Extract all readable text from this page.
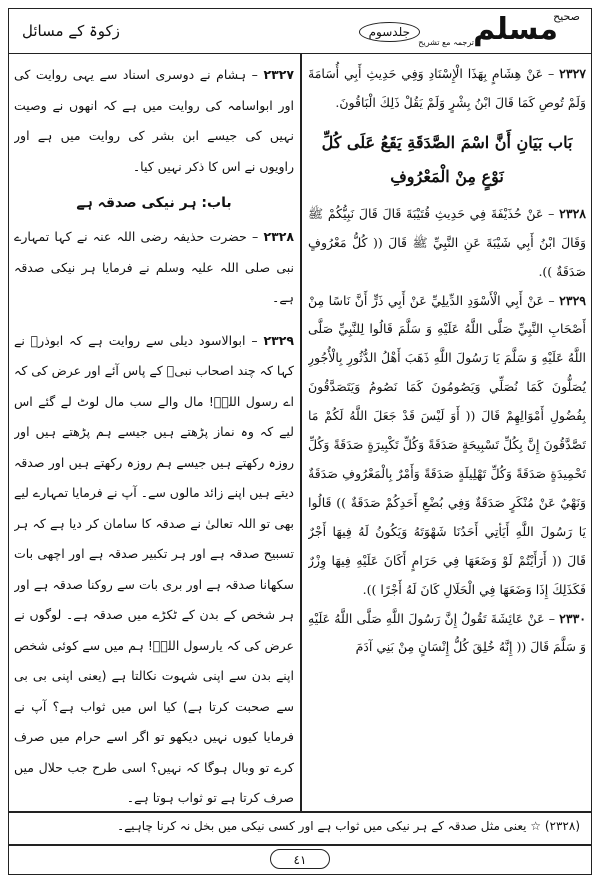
صحیح
مسلم
جلدسوم
ترجمہ مع تشریح
زکوۃ کے مسائل

٢٣٢٧ – عَنْ هِشَامٍ بِهَذَا الْإِسْنَادِ وَفِي حَدِيثِ أَبِي أُسَامَةَ وَلَمْ تُوصِ كَمَا قَالَ ابْنُ بِشْرٍ وَلَمْ يَقُلْ ذَلِكَ الْبَاقُونَ.

بَاب بَيَانِ أَنَّ اسْمَ الصَّدَقَةِ يَقَعُ عَلَى كُلِّ نَوْعٍ مِنْ الْمَعْرُوفِ

٢٣٢٨ – عَنْ حُذَيْفَةَ فِي حَدِيثِ قُتَيْبَةَ قَالَ قَالَ نَبِيُّكُمْ ﷺ وَقَالَ ابْنُ أَبِي شَيْبَةَ عَنِ النَّبِيِّ ﷺ قَالَ (( كُلُّ مَعْرُوفٍ صَدَقَةٌ )).

٢٣٢٩ – عَنْ أَبِي الْأَسْوَدِ الدِّيلِيِّ عَنْ أَبِي ذَرٍّ أَنَّ نَاسًا مِنْ أَصْحَابِ النَّبِيِّ صَلَّى اللَّهُ عَلَيْهِ وَ سَلَّمَ قَالُوا لِلنَّبِيِّ صَلَّى اللَّهُ عَلَيْهِ وَ سَلَّمَ يَا رَسُولَ اللَّهِ ذَهَبَ أَهْلُ الدُّثُورِ بِالْأُجُورِ يُصَلُّونَ كَمَا نُصَلِّي وَيَصُومُونَ كَمَا نَصُومُ وَيَتَصَدَّقُونَ بِفُضُولِ أَمْوَالِهِمْ قَالَ (( أَوَ لَيْسَ قَدْ جَعَلَ اللَّهُ لَكُمْ مَا تَصَّدَّقُونَ إِنَّ بِكُلِّ تَسْبِيحَةٍ صَدَقَةً وَكُلِّ تَكْبِيرَةٍ صَدَقَةً وَكُلِّ تَحْمِيدَةٍ صَدَقَةً وَكُلِّ تَهْلِيلَةٍ صَدَقَةً وَأَمْرٌ بِالْمَعْرُوفِ صَدَقَةٌ وَنَهْيٌ عَنْ مُنْكَرٍ صَدَقَةٌ وَفِي بُضْعِ أَحَدِكُمْ صَدَقَةٌ )) قَالُوا يَا رَسُولَ اللَّهِ أَيَأتِي أَحَدُنَا شَهْوَتَهُ وَيَكُونُ لَهُ فِيهَا أَجْرٌ قَالَ (( أَرَأَيْتُمْ لَوْ وَضَعَهَا فِي حَرَامٍ أَكَانَ عَلَيْهِ فِيهَا وِزْرٌ فَكَذَلِكَ إِذَا وَضَعَهَا فِي الْحَلَالِ كَانَ لَهُ أَجْرًا )).

٢٣٣٠ – عَنْ عَائِشَةَ تَقُولُ إِنَّ رَسُولَ اللَّهِ صَلَّى اللَّهُ عَلَيْهِ وَ سَلَّمَ قَالَ (( إِنَّهُ خُلِقَ كُلُّ إِنْسَانٍ مِنْ بَنِي آدَمَ

٢٣٢٧ – ہشام نے دوسری اسناد سے یہی روایت کی اور ابواسامہ کی روایت میں ہے کہ انھوں نے وصیت نہیں کی جیسے ابن بشر کی روایت میں ہے اور راویوں نے اس کا ذکر نہیں کیا۔

باب: ہر نیکی صدقہ ہے

٢٣٢٨ – حضرت حذیفہ رضی اللہ عنہ نے کہا تمہارے نبی صلی اللہ علیہ وسلم نے فرمایا ہر نیکی صدقہ ہے۔

٢٣٢٩ – ابوالاسود دیلی سے روایت ہے کہ ابوذرؓ نے کہا کہ چند اصحاب نبیؐ کے پاس آئے اور عرض کی کہ اے رسول اللہؐ! مال والے سب مال لوٹ لے گئے اس لیے کہ وہ نماز پڑھتے ہیں جیسے ہم پڑھتے ہیں اور روزہ رکھتے ہیں جیسے ہم روزہ رکھتے ہیں اور صدقہ دیتے ہیں اپنے زائد مالوں سے۔ آپ نے فرمایا تمہارے لیے بھی تو اللہ تعالیٰ نے صدقہ کا سامان کر دیا ہے کہ ہر تسبیح صدقہ ہے اور ہر تکبیر صدقہ ہے اور اچھی بات سکھانا صدقہ ہے اور بری بات سے روکنا صدقہ ہے اور ہر شخص کے بدن کے ٹکڑے میں صدقہ ہے۔ لوگوں نے عرض کی کہ یارسول اللہؐ! ہم میں سے کوئی شخص اپنے بدن سے اپنی شہوت نکالتا ہے (یعنی اپنی بی بی سے صحبت کرتا ہے) کیا اس میں ثواب ہے؟ آپ نے فرمایا کیوں نہیں دیکھو تو اگر اسے حرام میں صرف کرے تو وبال ہوگا کہ نہیں؟ اسی طرح جب حلال میں صرف کرتا ہے تو ثواب ہوتا ہے۔

(٢٣٢٨) ☆ یعنی مثل صدقہ کے ہر نیکی میں ثواب ہے اور کسی نیکی میں بخل نہ کرنا چاہیے۔
٤١
